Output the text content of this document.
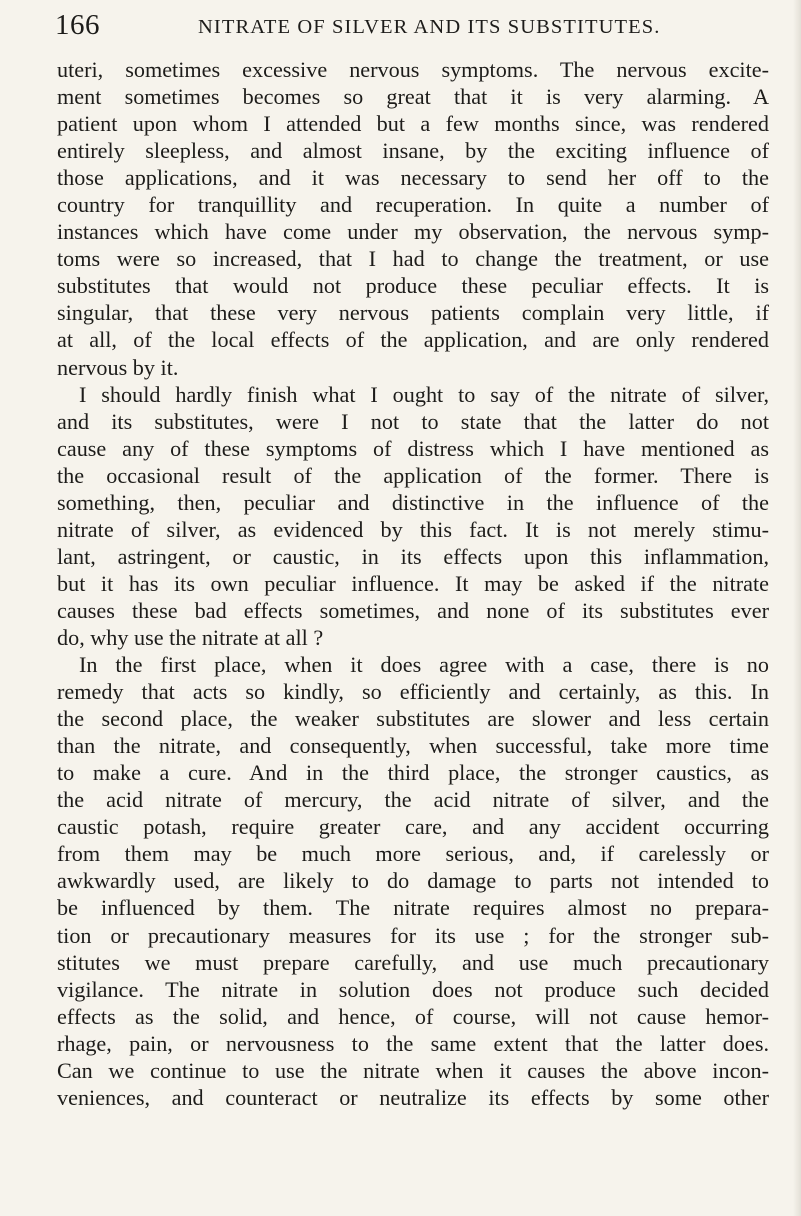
166	NITRATE OF SILVER AND ITS SUBSTITUTES.
uteri, sometimes excessive nervous symptoms. The nervous excite-
ment sometimes becomes so great that it is very alarming. A
patient upon whom I attended but a few months since, was rendered
entirely sleepless, and almost insane, by the exciting influence of
those applications, and it was necessary to send her off to the
country for tranquillity and recuperation. In quite a number of
instances which have come under my observation, the nervous symp-
toms were so increased, that I had to change the treatment, or use
substitutes that would not produce these peculiar effects. It is
singular, that these very nervous patients complain very little, if
at all, of the local effects of the application, and are only rendered
nervous by it.
I should hardly finish what I ought to say of the nitrate of silver,
and its substitutes, were I not to state that the latter do not
cause any of these symptoms of distress which I have mentioned as
the occasional result of the application of the former. There is
something, then, peculiar and distinctive in the influence of the
nitrate of silver, as evidenced by this fact. It is not merely stimu-
lant, astringent, or caustic, in its effects upon this inflammation,
but it has its own peculiar influence. It may be asked if the nitrate
causes these bad effects sometimes, and none of its substitutes ever
do, why use the nitrate at all ?
In the first place, when it does agree with a case, there is no
remedy that acts so kindly, so efficiently and certainly, as this. In
the second place, the weaker substitutes are slower and less certain
than the nitrate, and consequently, when successful, take more time
to make a cure. And in the third place, the stronger caustics, as
the acid nitrate of mercury, the acid nitrate of silver, and the
caustic potash, require greater care, and any accident occurring
from them may be much more serious, and, if carelessly or
awkwardly used, are likely to do damage to parts not intended to
be influenced by them. The nitrate requires almost no prepara-
tion or precautionary measures for its use ; for the stronger sub-
stitutes we must prepare carefully, and use much precautionary
vigilance. The nitrate in solution does not produce such decided
effects as the solid, and hence, of course, will not cause hemor-
rhage, pain, or nervousness to the same extent that the latter does.
Can we continue to use the nitrate when it causes the above incon-
veniences, and counteract or neutralize its effects by some other
